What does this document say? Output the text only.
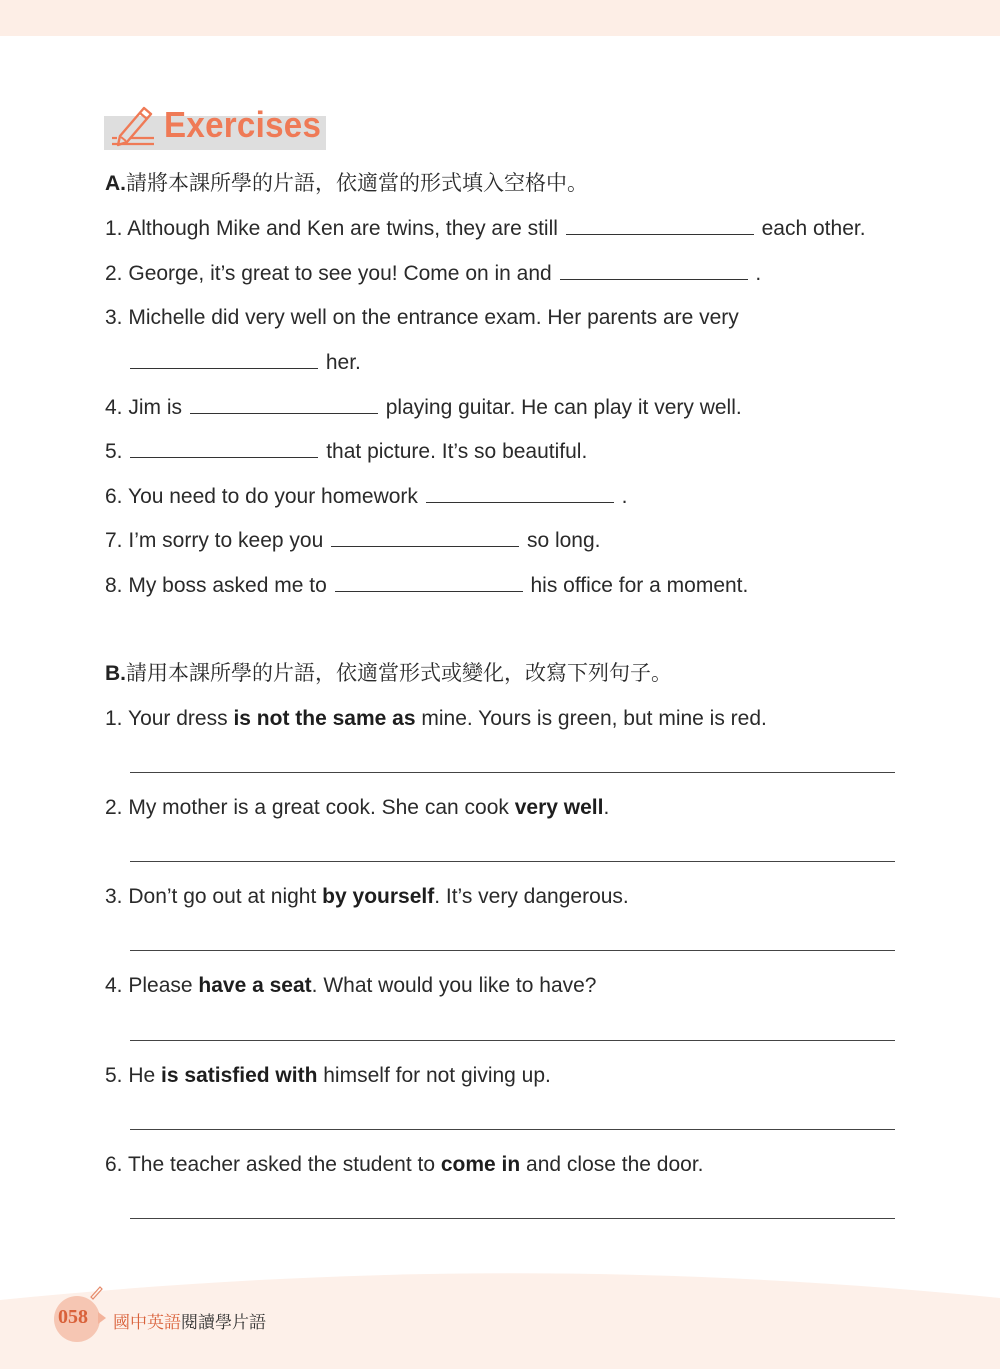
Exercises
A.請將本課所學的片語，依適當的形式填入空格中。
1. Although Mike and Ken are twins, they are still	each other.
2. George, it’s great to see you! Come on in and	.
3. Michelle did very well on the entrance exam. Her parents are very
her.
4. Jim is	playing guitar. He can play it very well.
5.	that picture. It’s so beautiful.
6. You need to do your homework	.
7. I’m sorry to keep you	so long.
8. My boss asked me to	his office for a moment.
B.請用本課所學的片語，依適當形式或變化，改寫下列句子。
1. Your dress is not the same as mine. Yours is green, but mine is red.
2. My mother is a great cook. She can cook very well.
3. Don’t go out at night by yourself. It’s very dangerous.
4. Please have a seat. What would you like to have?
5. He is satisfied with himself for not giving up.
6. The teacher asked the student to come in and close the door.
058 國中英語閱讀學片語
